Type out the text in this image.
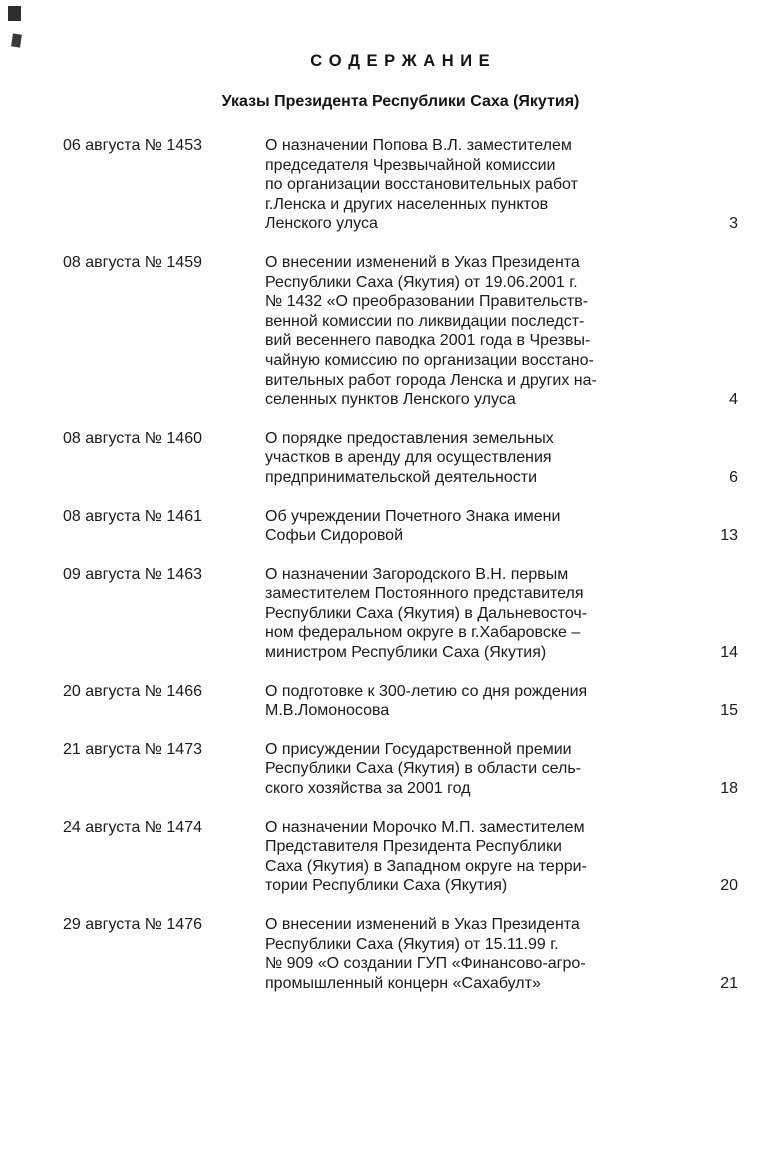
С О Д Е Р Ж А Н И Е
Указы Президента Республики Саха (Якутия)
06 августа № 1453	О назначении Попова В.Л. заместителем
председателя Чрезвычайной комиссии
по организации восстановительных работ
г.Ленска и других населенных пунктов
Ленского улуса	3
08 августа № 1459	О внесении изменений в Указ Президента
Республики Саха (Якутия) от 19.06.2001 г.
№ 1432 «О преобразовании Правительств-
венной комиссии по ликвидации последст-
вий весеннего паводка 2001 года в Чрезвы-
чайную комиссию по организации восстано-
вительных работ города Ленска и других на-
селенных пунктов Ленского улуса	4
08 августа № 1460	О порядке предоставления земельных
участков в аренду для осуществления
предпринимательской деятельности	6
08 августа № 1461	Об учреждении Почетного Знака имени
Софьи Сидоровой	13
09 августа № 1463	О назначении Загородского В.Н. первым
заместителем Постоянного представителя
Республики Саха (Якутия) в Дальневосточ-
ном федеральном округе в г.Хабаровске –
министром Республики Саха (Якутия)	14
20 августа № 1466	О подготовке к 300-летию со дня рождения
М.В.Ломоносова	15
21 августа № 1473	О присуждении Государственной премии
Республики Саха (Якутия) в области сель-
ского хозяйства за 2001 год	18
24 августа № 1474	О назначении Морочко М.П. заместителем
Представителя Президента Республики
Саха (Якутия) в Западном округе на терри-
тории Республики Саха (Якутия)	20
29 августа № 1476	О внесении изменений в Указ Президента
Республики Саха (Якутия) от 15.11.99 г.
№ 909 «О создании ГУП «Финансово-агро-
промышленный концерн «Сахабулт»	21
